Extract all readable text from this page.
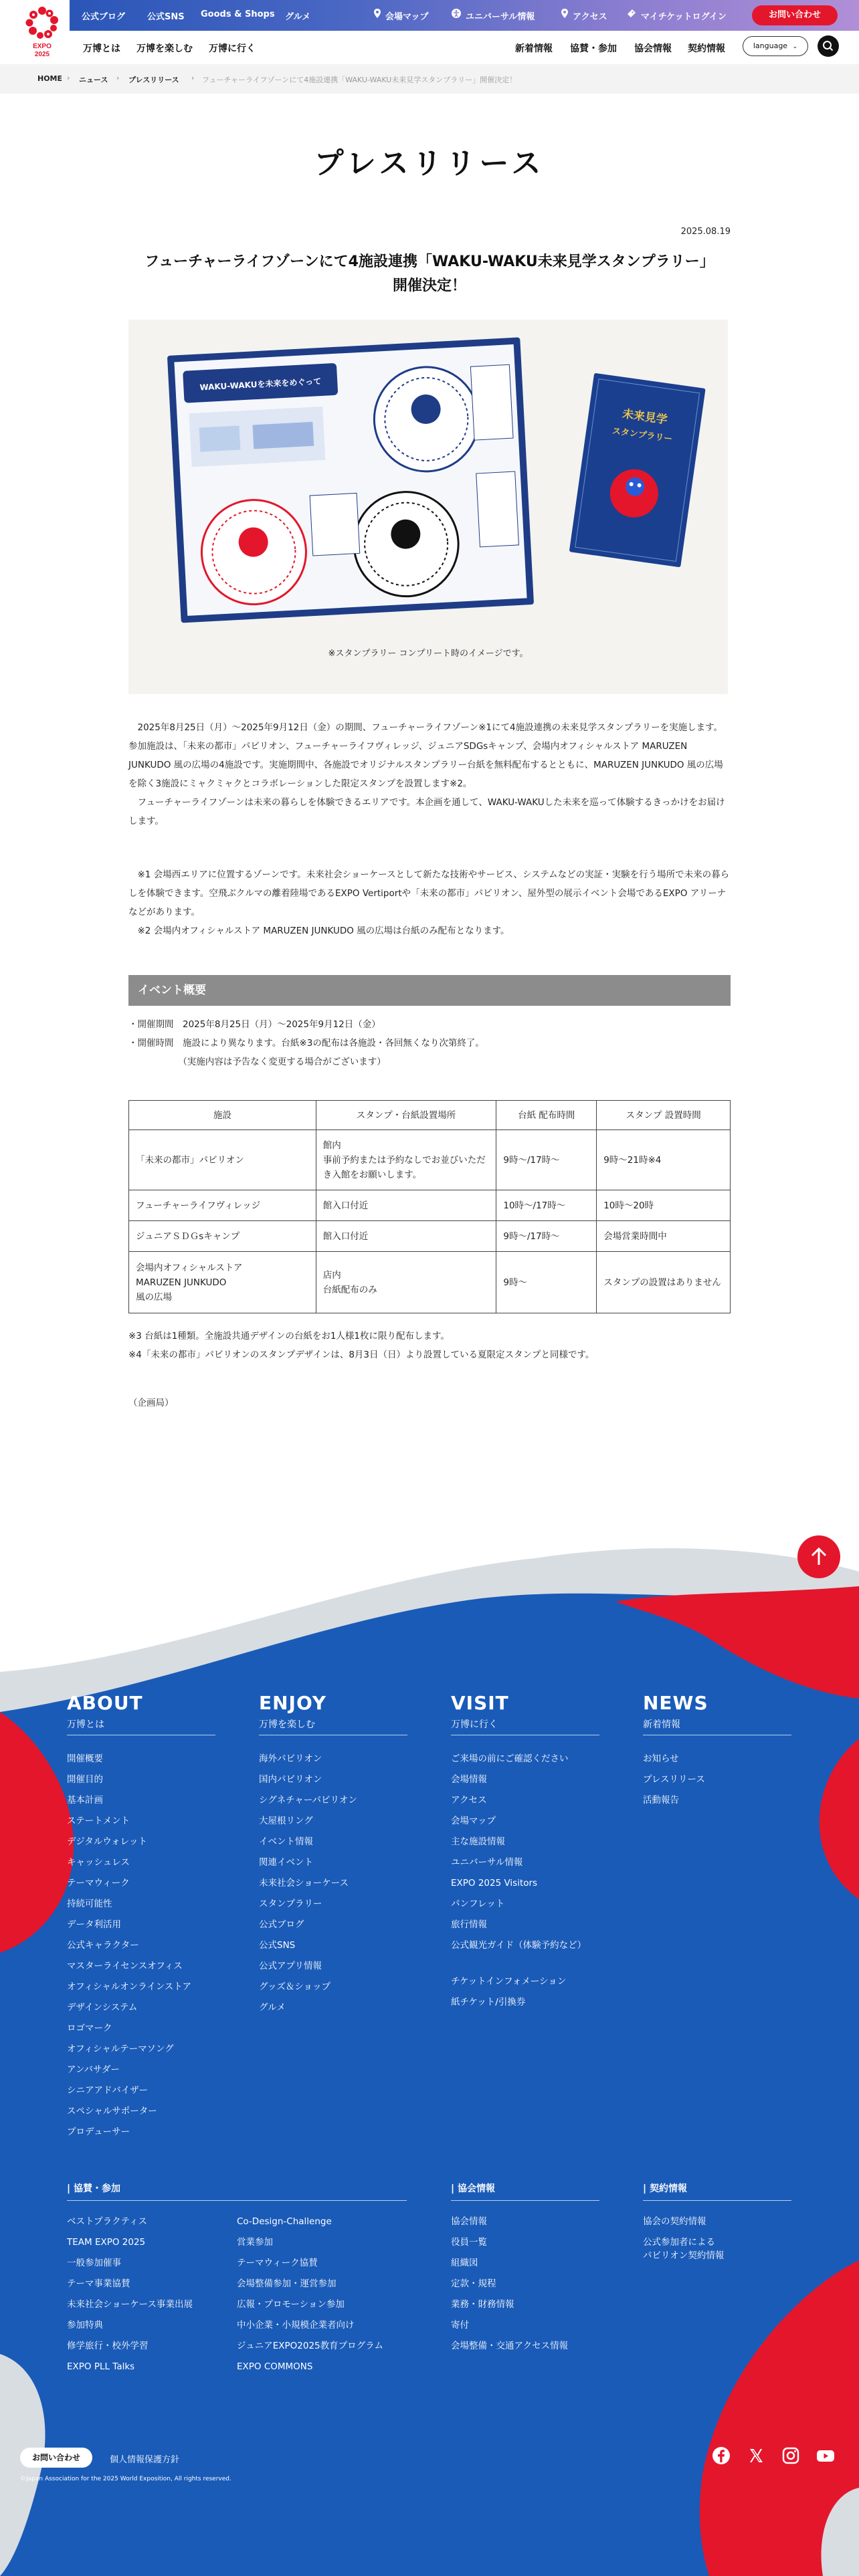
EXPO
2025
公式ブログ	公式SNS Goods & Shops グルメ	会場マップ	ユニバーサル情報	アクセス	マイチケットログイン	お問い合わせ
万博とは 万博を楽しむ 万博に行く	新着情報 協賛・参加 協会情報 契約情報	language ⌄
HOME › ニュース › プレスリリース › フューチャーライフゾーンにて4施設連携「WAKU-WAKU未来見学スタンプラリー」開催決定！
プレスリリース
2025.08.19
フューチャーライフゾーンにて4施設連携「WAKU-WAKU未来見学スタンプラリー」開催決定！
WAKU-WAKUを未来をめぐって
未来見学
スタンプラリー
※スタンプラリー コンプリート時のイメージです。

　2025年8月25日（月）～2025年9月12日（金）の期間、フューチャーライフゾーン※1にて4施設連携の未来見学スタンプラリーを実施します。参加施設は、「未来の都市」パビリオン、フューチャーライフヴィレッジ、ジュニアSDGsキャンプ、会場内オフィシャルストア MARUZEN JUNKUDO 風の広場の4施設です。実施期間中、各施設でオリジナルスタンプラリー台紙を無料配布するとともに、MARUZEN JUNKUDO 風の広場を除く3施設にミャクミャクとコラボレーションした限定スタンプを設置します※2。

　フューチャーライフゾーンは未来の暮らしを体験できるエリアです。本企画を通して、WAKU-WAKUした未来を巡って体験するきっかけをお届けします。

　※1 会場西エリアに位置するゾーンです。未来社会ショーケースとして新たな技術やサービス、システムなどの実証・実験を行う場所で未来の暮らしを体験できます。空飛ぶクルマの離着陸場であるEXPO Vertiportや「未来の都市」パビリオン、屋外型の展示イベント会場であるEXPO アリーナなどがあります。

　※2 会場内オフィシャルストア MARUZEN JUNKUDO 風の広場は台紙のみ配布となります。

イベント概要
・開催期間　2025年8月25日（月）～2025年9月12日（金）
・開催時間　施設により異なります。台紙※3の配布は各施設・各回無くなり次第終了。
　　　　　　（実施内容は予告なく変更する場合がございます）
施設	スタンプ・台紙設置場所	台紙 配布時間	スタンプ 設置時間
「未来の都市」パビリオン	館内
事前予約または予約なしでお並びいただき入館をお願いします。	9時～/17時～	9時～21時※4
フューチャーライフヴィレッジ	館入口付近	10時～/17時～	10時～20時
ジュニアＳＤＧsキャンプ	館入口付近	9時～/17時～	会場営業時間中
会場内オフィシャルストア
MARUZEN JUNKUDO
風の広場	店内
台紙配布のみ	9時～	スタンプの設置はありません
※3 台紙は1種類。全施設共通デザインの台紙をお1人様1枚に限り配布します。
※4「未来の都市」パビリオンのスタンプデザインは、8月3日（日）より設置している夏限定スタンプと同様です。
（企画局）
ABOUT
万博とは
開催概要
開催目的
基本計画
ステートメント
デジタルウォレット
キャッシュレス
テーマウィーク
持続可能性
データ利活用
公式キャラクター
マスターライセンスオフィス
オフィシャルオンラインストア
デザインシステム
ロゴマーク
オフィシャルテーマソング
アンバサダー
シニアアドバイザー
スペシャルサポーター
プロデューサー
ENJOY
万博を楽しむ
海外パビリオン
国内パビリオン
シグネチャーパビリオン
大屋根リング
イベント情報
関連イベント
未来社会ショーケース
スタンプラリー
公式ブログ
公式SNS
公式アプリ情報
グッズ＆ショップ
グルメ
VISIT
万博に行く
ご来場の前にご確認ください
会場情報
アクセス
会場マップ
主な施設情報
ユニバーサル情報
EXPO 2025 Visitors
パンフレット
旅行情報
公式観光ガイド（体験予約など）
チケットインフォメーション
紙チケット/引換券
NEWS
新着情報
お知らせ
プレスリリース
活動報告
| 協賛・参加
ベストプラクティス
TEAM EXPO 2025
一般参加催事
テーマ事業協賛
未来社会ショーケース事業出展
参加特典
修学旅行・校外学習
EXPO PLL Talks
Co-Design-Challenge
営業参加
テーマウィーク協賛
会場整備参加・運営参加
広報・プロモーション参加
中小企業・小規模企業者向け
ジュニアEXPO2025教育プログラム
EXPO COMMONS
| 協会情報
協会情報
役員一覧
組織図
定款・規程
業務・財務情報
寄付
会場整備・交通アクセス情報
| 契約情報
協会の契約情報
公式参加者による
パビリオン契約情報
お問い合わせ	個人情報保護方針
©Japan Association for the 2025 World Exposition, All rights reserved.
